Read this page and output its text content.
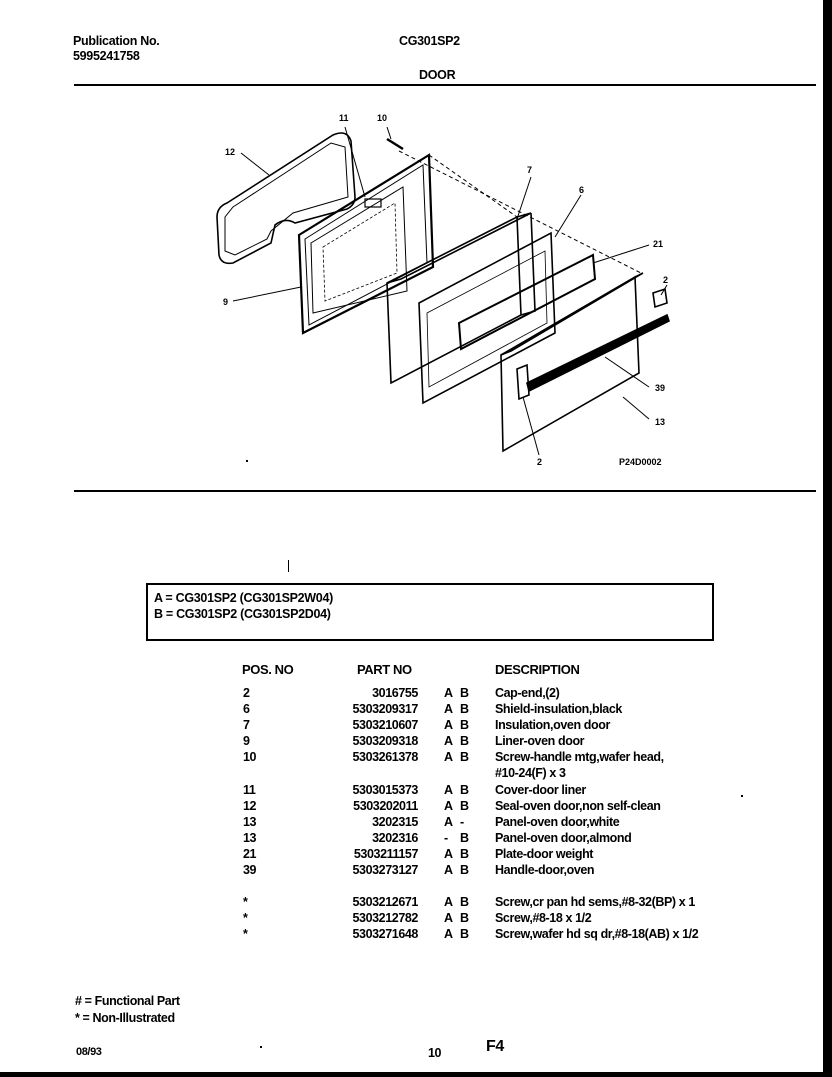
Publication No.
5995241758
CG301SP2
DOOR
11	10
12
7
6
21
2
9
39
13
2	P24D0002
A = CG301SP2 (CG301SP2W04)
B = CG301SP2 (CG301SP2D04)
POS. NO	PART NO	DESCRIPTION
2	3016755 A B Cap-end,(2)
6	5303209317 A B Shield-insulation,black
7	5303210607 A B Insulation,oven door
9	5303209318 A B Liner-oven door
10	5303261378 A B Screw-handle mtg,wafer head,
#10-24(F) x 3
11	5303015373 A B Cover-door liner
12	5303202011 A B Seal-oven door,non self-clean
13	3202315 A - Panel-oven door,white
13	3202316 - B Panel-oven door,almond
21	5303211157 A B Plate-door weight
39	5303273127 A B Handle-door,oven
*	5303212671 A B Screw,cr pan hd sems,#8-32(BP) x 1
*	5303212782 A B Screw,#8-18 x 1/2
*	5303271648 A B Screw,wafer hd sq dr,#8-18(AB) x 1/2
# = Functional Part
* = Non-Illustrated
08/93	10	F4
